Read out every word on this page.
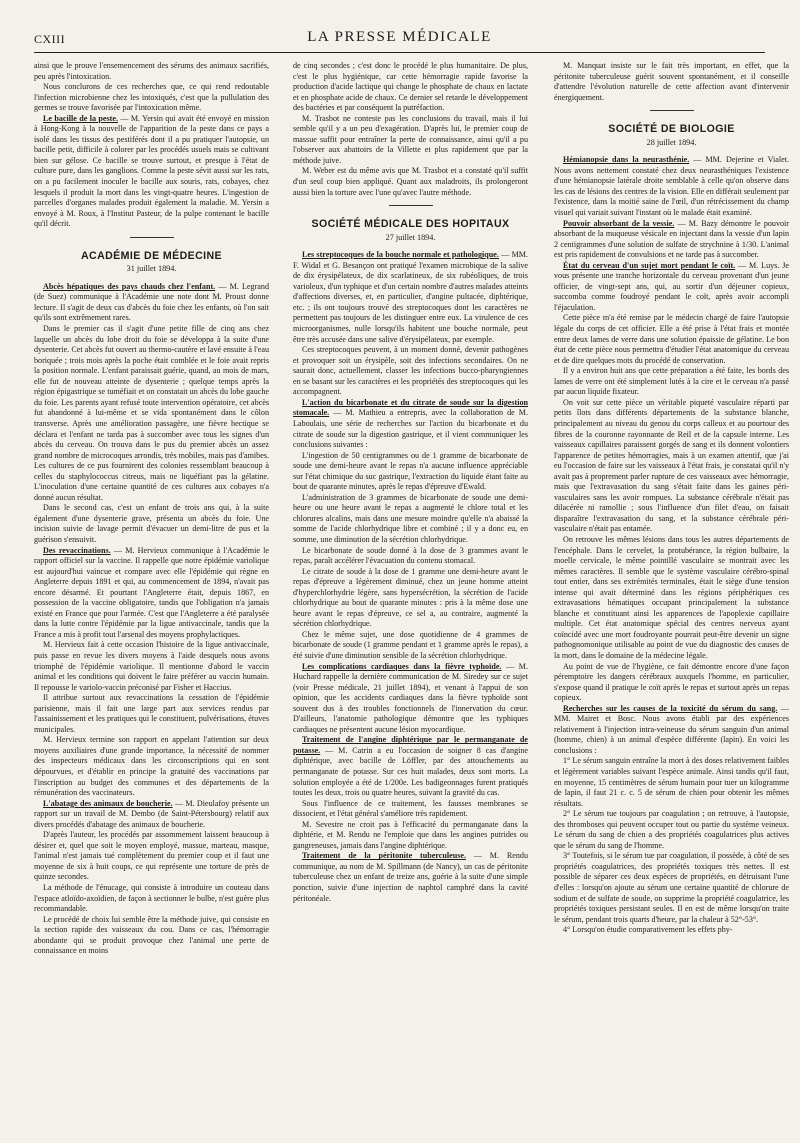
CXIII	LA PRESSE MÉDICALE

ainsi que le prouve l'ensemencement des sérums des animaux sacrifiés, peu après l'intoxication.

Nous conclurons de ces recherches que, ce qui rend redoutable l'infection microbienne chez les intoxiqués, c'est que la pullulation des germes se trouve favorisée par l'intoxication même.

Le bacille de la peste. — M. Yersin qui avait été envoyé en mission à Hong-Kong à la nouvelle de l'apparition de la peste dans ce pays a isolé dans les tissus des pestiférés dont il a pu pratiquer l'autopsie, un bacille petit, difficile à colorer par les procédés usuels mais se cultivant bien sur gélose. Ce bacille se trouve surtout, et presque à l'état de culture pure, dans les ganglions. Comme la peste sévit aussi sur les rats, on a pu facilement inoculer le bacille aux souris, rats, cobayes, chez lesquels il produit la mort dans les vingt-quatre heures. L'ingestion de parcelles d'organes malades produit également la maladie. M. Yersin a envoyé à M. Roux, à l'Institut Pasteur, de la pulpe contenant le bacille qu'il décrit.

ACADÉMIE DE MÉDECINE
31 juillet 1894.

Abcès hépatiques des pays chauds chez l'enfant. — M. Legrand (de Suez) communique à l'Académie une note dont M. Proust donne lecture. Il s'agit de deux cas d'abcès du foie chez les enfants, où l'on sait qu'ils sont extrêmement rares.

Dans le premier cas il s'agit d'une petite fille de cinq ans chez laquelle un abcès du lobe droit du foie se développa à la suite d'une dysenterie. Cet abcès fut ouvert au thermo-cautère et lavé ensuite à l'eau boriquée ; trois mois après la poche était comblée et le foie avait repris la position normale. L'enfant paraissait guérie, quand, au mois de mars, elle fut de nouveau atteinte de dysenterie ; quelque temps après la région épigastrique se tuméfiait et on constatait un abcès du lobe gauche du foie. Les parents ayant refusé toute intervention opératoire, cet abcès fut abandonné à lui-même et se vida spontanément dans le côlon transverse. Après une amélioration passagère, une fièvre hectique se déclara et l'enfant ne tarda pas à succomber avec tous les signes d'un abcès du cerveau. On trouva dans le pus du premier abcès un assez grand nombre de microcoques arrondis, très mobiles, mais pas d'amibes. Les cultures de ce pus fournirent des colonies ressemblant beaucoup à celles du staphylococcus citreus, mais ne liquéfiant pas la gélatine. L'inoculation d'une certaine quantité de ces cultures aux cobayes n'a donné aucun résultat.

Dans le second cas, c'est un enfant de trois ans qui, à la suite également d'une dysenterie grave, présenta un abcès du foie. Une incision suivie de lavage permit d'évacuer un demi-litre de pus et la guérison s'ensuivit.

Des revaccinations. — M. Hervieux communique à l'Académie le rapport officiel sur la vaccine. Il rappelle que notre épidémie variolique est aujourd'hui vaincue et compare avec elle l'épidémie qui règne en Angleterre depuis 1891 et qui, au commencement de 1894, n'avait pas encore désarmé. Et pourtant l'Angleterre était, depuis 1867, en possession de la vaccine obligatoire, tandis que l'obligation n'a jamais existé en France que pour l'armée. C'est que l'Angleterre a été paralysée dans la lutte contre l'épidémie par la ligue antivaccinale, tandis que la France a mis à profit tout l'arsenal des moyens prophylactiques.

M. Hervieux fait à cette occasion l'histoire de la ligue antivaccinale, puis passe en revue les divers moyens à l'aide desquels nous avons triomphé de l'épidémie variolique. Il mentionne d'abord le vaccin animal et les conditions qui doivent le faire préférer au vaccin humain. Il repousse le variolo-vaccin préconisé par Fisher et Haccius.

Il attribue surtout aux revaccinations la cessation de l'épidémie parisienne, mais il fait une large part aux services rendus par l'assainissement et les pratiques qui le constituent, pulvérisations, étuves municipales.

M. Hervieux termine son rapport en appelant l'attention sur deux moyens auxiliaires d'une grande importance, la nécessité de nommer des inspecteurs médicaux dans les circonscriptions qui en sont dépourvues, et d'établir en principe la gratuité des vaccinations par l'inscription au budget des communes et des départements de la rémunération des vaccinateurs.

L'abatage des animaux de boucherie. — M. Dieulafoy présente un rapport sur un travail de M. Dembo (de Saint-Pétersbourg) relatif aux divers procédés d'abatage des animaux de boucherie.

D'après l'auteur, les procédés par assommement laissent beaucoup à désirer et, quel que soit le moyen employé, massue, marteau, masque, l'animal n'est jamais tué complètement du premier coup et il faut une moyenne de six à huit coups, ce qui représente une torture de près de quinze secondes.

La méthode de l'énucage, qui consiste à introduire un couteau dans l'espace atloïdo-axoïdien, de façon à sectionner le bulbe, n'est guère plus recommandable.

Le procédé de choix lui semble être la méthode juive, qui consiste en la section rapide des vaisseaux du cou. Dans ce cas, l'hémorragie abondante qui se produit provoque chez l'animal une perte de connaissance en moins

de cinq secondes ; c'est donc le procédé le plus humanitaire. De plus, c'est le plus hygiénique, car cette hémorragie rapide favorise la production d'acide lactique qui change le phosphate de chaux en lactate et en phosphate acide de chaux. Ce dernier sel retarde le développement des bactéries et par conséquent la putréfaction.

M. Trasbot ne conteste pas les conclusions du travail, mais il lui semble qu'il y a un peu d'exagération. D'après lui, le premier coup de massue suffit pour entraîner la perte de connaissance, ainsi qu'il a pu l'observer aux abattoirs de la Villette et plus rapidement que par la méthode juive.

M. Weber est du même avis que M. Trasbot et a constaté qu'il suffit d'un seul coup bien appliqué. Quant aux maladroits, ils prolongeront aussi bien la torture avec l'une qu'avec l'autre méthode.

SOCIÉTÉ MÉDICALE DES HOPITAUX
27 juillet 1894.

Les streptocoques de la bouche normale et pathologique. — MM. F. Widal et G. Besançon ont pratiqué l'examen microbique de la salive de dix érysipélateux, de dix scarlatineux, de six rubéoliques, de trois varioleux, d'un typhique et d'un certain nombre d'autres malades atteints d'affections diverses, et, en particulier, d'angine pultacée, diphtérique, etc. ; ils ont toujours trouvé des streptocoques dont les caractères ne permettent pas toujours de les distinguer entre eux. La virulence de ces microorganismes, nulle lorsqu'ils habitent une bouche normale, peut être très accusée dans une salive d'érysipélateux, par exemple.

Ces streptocoques peuvent, à un moment donné, devenir pathogènes et provoquer soit un érysipèle, soit des infections secondaires. On ne saurait donc, actuellement, classer les infections bucco-pharyngiennes en se basant sur les caractères et les propriétés des streptocoques qui les accompagnent.

L'action du bicarbonate et du citrate de soude sur la digestion stomacale. — M. Mathieu a entrepris, avec la collaboration de M. Laboulais, une série de recherches sur l'action du bicarbonate et du citrate de soude sur la digestion gastrique, et il vient communiquer les conclusions suivantes :

L'ingestion de 50 centigrammes ou de 1 gramme de bicarbonate de soude une demi-heure avant le repas n'a aucune influence appréciable sur l'état chimique du suc gastrique, l'extraction du liquide étant faite au bout de quarante minutes, après le repas d'épreuve d'Ewald.

L'administration de 3 grammes de bicarbonate de soude une demi-heure ou une heure avant le repas a augmenté le chlore total et les chlorures alcalins, mais dans une mesure moindre qu'elle n'a abaissé la somme de l'acide chlorhydrique libre et combiné ; il y a donc eu, en somme, une diminution de la sécrétion chlorhydrique.

Le bicarbonate de soude donné à la dose de 3 grammes avant le repas, paraît accélérer l'évacuation du contenu stomacal.

Le citrate de soude à la dose de 1 gramme une demi-heure avant le repas d'épreuve a légèrement diminué, chez un jeune homme atteint d'hyperchlorhydrie légère, sans hypersécrétion, la sécrétion de l'acide chlorhydrique au bout de quarante minutes : pris à la même dose une heure avant le repas d'épreuve, ce sel a, au contraire, augmenté la sécrétion chlorhydrique.

Chez le même sujet, une dose quotidienne de 4 grammes de bicarbonate de soude (1 gramme pendant et 1 gramme après le repas), a été suivie d'une diminution sensible de la sécrétion chlorhydrique.

Les complications cardiaques dans la fièvre typhoïde. — M. Huchard rappelle la dernière communication de M. Siredey sur ce sujet (voir Presse médicale, 21 juillet 1894), et venant à l'appui de son opinion, que les accidents cardiaques dans la fièvre typhoïde sont souvent dus à des troubles fonctionnels de l'innervation du cœur. D'ailleurs, l'anatomie pathologique démontre que les typhiques cardiaques ne présentent aucune lésion myocardique.

Traitement de l'angine diphtérique par le permanganate de potasse. — M. Catrin a eu l'occasion de soigner 8 cas d'angine diphtérique, avec bacille de Löffler, par des attouchements au permanganate de potasse. Sur ces huit malades, deux sont morts. La solution employée a été de 1/200e. Les badigeonnages furent pratiqués toutes les deux, trois ou quatre heures, suivant la gravité du cas.

Sous l'influence de ce traitement, les fausses membranes se dissocient, et l'état général s'améliore très rapidement.

M. Sevestre ne croit pas à l'efficacité du permanganate dans la diphtérie, et M. Rendu ne l'emploie que dans les angines putrides ou gangreneuses, jamais dans l'angine diphtérique.

Traitement de la péritonite tuberculeuse. — M. Rendu communique, au nom de M. Spillmann (de Nancy), un cas de péritonite tuberculeuse chez un enfant de treize ans, guérie à la suite d'une simple ponction, suivie d'une injection de naphtol camphré dans la cavité péritonéale.

M. Manquat insiste sur le fait très important, en effet, que la péritonite tuberculeuse guérit souvent spontanément, et il conseille d'attendre l'évolution naturelle de cette affection avant d'intervenir énergiquement.

SOCIÉTÉ DE BIOLOGIE
28 juillet 1894.

Hémianopsie dans la neurasthénie. — MM. Dejerine et Vialet. Nous avons nettement constaté chez deux neurasthéniques l'existence d'une hémianopsie latérale droite semblable à celle qu'on observe dans les cas de lésions des centres de la vision. Elle en différait seulement par l'existence, dans la moitié saine de l'œil, d'un rétrécissement du champ visuel qui variait suivant l'instant où le malade était examiné.

Pouvoir absorbant de la vessie. — M. Bazy démontre le pouvoir absorbant de la muqueuse vésicale en injectant dans la vessie d'un lapin 2 centigrammes d'une solution de sulfate de strychnine à 1/30. L'animal est pris rapidement de convulsions et ne tarde pas à succomber.

État du cerveau d'un sujet mort pendant le coït. — M. Luys. Je vous présente une tranche horizontale du cerveau provenant d'un jeune officier, de vingt-sept ans, qui, au sortir d'un déjeuner copieux, succomba comme foudroyé pendant le coït, après avoir accompli l'éjaculation.

Cette pièce m'a été remise par le médecin chargé de faire l'autopsie légale du corps de cet officier. Elle a été prise à l'état frais et montée entre deux lames de verre dans une solution épaissie de gélatine. Le bon état de cette pièce nous permettra d'étudier l'état anatomique du cerveau et de dire quelques mots du procédé de conservation.

Il y a environ huit ans que cette préparation a été faite, les bords des lames de verre ont été simplement lutés à la cire et le cerveau n'a passé par aucun liquide fixateur.

On voit sur cette pièce un véritable piqueté vasculaire réparti par petits îlots dans différents départements de la substance blanche, principalement au niveau du genou du corps calleux et au pourtour des fibres de la couronne rayonnante de Reil et de la capsule interne. Les vaisseaux capillaires paraissent gorgés de sang et ils donnent volontiers l'apparence de petites hémorragies, mais à un examen attentif, que j'ai eu l'occasion de faire sur les vaisseaux à l'état frais, je constatai qu'il n'y avait pas à proprement parler rupture de ces vaisseaux avec hémorragie, mais que l'extravasation du sang s'était faite dans les gaines péri-vasculaires sans les avoir rompues. La substance cérébrale n'était pas dilacérée ni ramollie ; sous l'influence d'un filet d'eau, on faisait disparaître l'extravasation du sang, et la substance cérébrale péri-vasculaire n'était pas entamée.

On retrouve les mêmes lésions dans tous les autres départements de l'encéphale. Dans le cervelet, la protubérance, la région bulbaire, la moelle cervicale, le même pointillé vasculaire se montrait avec les mêmes caractères. Il semble que le système vasculaire cérébro-spinal tout entier, dans ses extrémités terminales, était le siège d'une tension intense qui avait déterminé dans les régions périphériques ces extravasations hématiques occupant principalement la substance blanche et constituant ainsi les apparences de l'apoplexie capillaire multiple. Cet état anatomique spécial des centres nerveux ayant coïncidé avec une mort foudroyante pourrait peut-être devenir un signe pathognomonique utilisable au point de vue du diagnostic des causes de la mort, dans le domaine de la médecine légale.

Au point de vue de l'hygiène, ce fait démontre encore d'une façon péremptoire les dangers cérébraux auxquels l'homme, en particulier, s'expose quand il pratique le coït après le repas et surtout après un repas copieux.

Recherches sur les causes de la toxicité du sérum du sang. — MM. Mairet et Bosc. Nous avons établi par des expériences relativement à l'injection intra-veineuse du sérum sanguin d'un animal (homme, chien) à un animal d'espèce différente (lapin). En voici les conclusions :

1° Le sérum sanguin entraîne la mort à des doses relativement faibles et légèrement variables suivant l'espèce animale. Ainsi tandis qu'il faut, en moyenne, 15 centimètres de sérum humain pour tuer un kilogramme de lapin, il faut 21 c. c. 5 de sérum de chien pour obtenir les mêmes résultats.

2° Le sérum tue toujours par coagulation ; on retrouve, à l'autopsie, des thromboses qui peuvent occuper tout ou partie du système veineux. Le sérum du sang de chien a des propriétés coagulatrices plus actives que le sérum du sang de l'homme.

3° Toutefois, si le sérum tue par coagulation, il possède, à côté de ses propriétés coagulatrices, des propriétés toxiques très nettes. Il est possible de séparer ces deux espèces de propriétés, en détruisant l'une d'elles : lorsqu'on ajoute au sérum une certaine quantité de chlorure de sodium et de sulfate de soude, on supprime la propriété coagulatrice, les propriétés toxiques persistant seules. Il en est de même lorsqu'on traite le sérum, pendant trois quarts d'heure, par la chaleur à 52°-53°.

4° Lorsqu'on étudie comparativement les effets phy-
